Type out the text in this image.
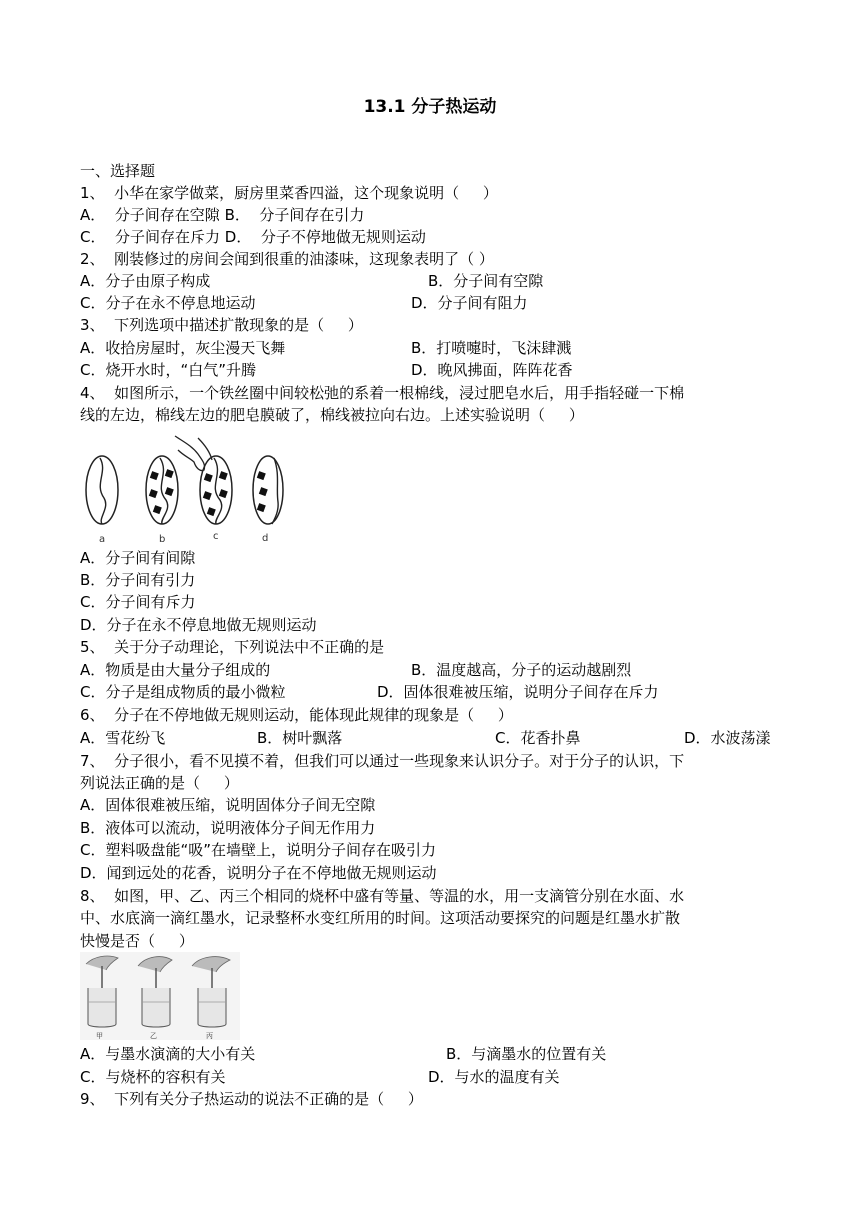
13.1 分子热运动
一、选择题
1、  小华在家学做菜，厨房里菜香四溢，这个现象说明（     ）
A．  分子间存在空隙 B．  分子间存在引力
C．  分子间存在斥力 D．  分子不停地做无规则运动
2、  刚装修过的房间会闻到很重的油漆味，这现象表明了（ ）
A．分子由原子构成	B．分子间有空隙
C．分子在永不停息地运动	D．分子间有阻力
3、  下列选项中描述扩散现象的是（     ）
A．收拾房屋时，灰尘漫天飞舞	B．打喷嚏时，飞沫肆溅
C．烧开水时，“白气”升腾	D．晚风拂面，阵阵花香
4、  如图所示，一个铁丝圈中间较松弛的系着一根棉线，浸过肥皂水后，用手指轻碰一下棉
线的左边，棉线左边的肥皂膜破了，棉线被拉向右边。上述实验说明（     ）
a	b	c	d
A．分子间有间隙
B．分子间有引力
C．分子间有斥力
D．分子在永不停息地做无规则运动
5、  关于分子动理论，下列说法中不正确的是
A．物质是由大量分子组成的	B．温度越高，分子的运动越剧烈
C．分子是组成物质的最小微粒	D．固体很难被压缩，说明分子间存在斥力
6、  分子在不停地做无规则运动，能体现此规律的现象是（     ）
A．雪花纷飞	B．树叶飘落	C．花香扑鼻	D．水波荡漾
7、  分子很小，看不见摸不着，但我们可以通过一些现象来认识分子。对于分子的认识，下
列说法正确的是（     ）
A．固体很难被压缩，说明固体分子间无空隙
B．液体可以流动，说明液体分子间无作用力
C．塑料吸盘能“吸”在墙壁上，说明分子间存在吸引力
D．闻到远处的花香，说明分子在不停地做无规则运动
8、  如图，甲、乙、丙三个相同的烧杯中盛有等量、等温的水，用一支滴管分别在水面、水
中、水底滴一滴红墨水，记录整杯水变红所用的时间。这项活动要探究的问题是红墨水扩散
快慢是否（     ）
甲	乙	丙
A．与墨水演滴的大小有关	B．与滴墨水的位置有关
C．与烧杯的容积有关	D．与水的温度有关
9、  下列有关分子热运动的说法不正确的是（     ）
